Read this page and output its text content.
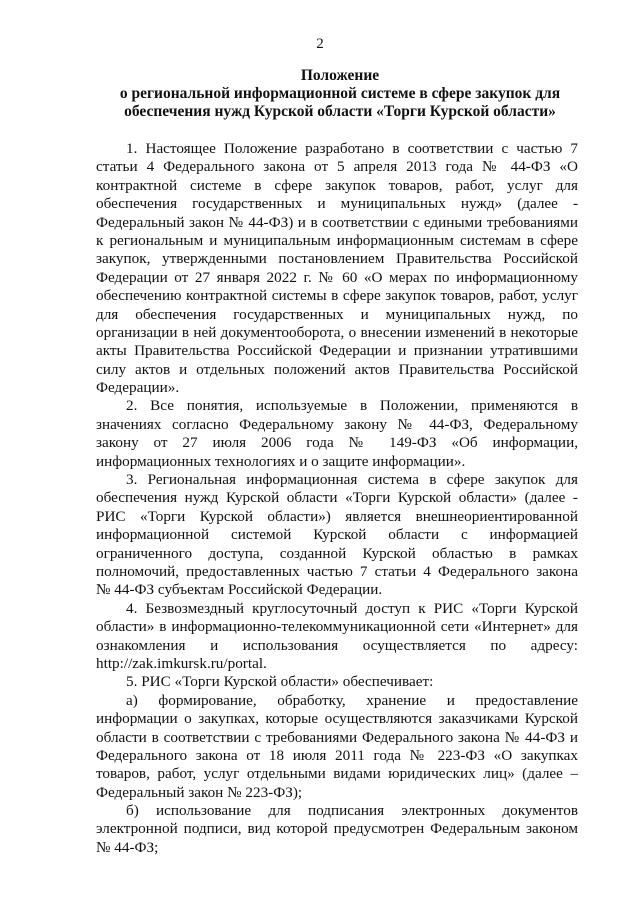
2
Положение
о региональной информационной системе в сфере закупок для
обеспечения нужд Курской области «Торги Курской области»
1. Настоящее Положение разработано в соответствии с частью 7
статьи 4 Федерального закона от 5 апреля 2013 года № 44-ФЗ «О
контрактной системе в сфере закупок товаров, работ, услуг для
обеспечения государственных и муниципальных нужд» (далее -
Федеральный закон № 44-ФЗ) и в соответствии с едиными требованиями
к региональным и муниципальным информационным системам в сфере
закупок, утвержденными постановлением Правительства Российской
Федерации от 27 января 2022 г. № 60 «О мерах по информационному
обеспечению контрактной системы в сфере закупок товаров, работ, услуг
для обеспечения государственных и муниципальных нужд, по
организации в ней документооборота, о внесении изменений в некоторые
акты Правительства Российской Федерации и признании утратившими
силу актов и отдельных положений актов Правительства Российской
Федерации».
2. Все понятия, используемые в Положении, применяются в
значениях согласно Федеральному закону № 44-ФЗ, Федеральному
закону от 27 июля 2006 года № 149-ФЗ «Об информации,
информационных технологиях и о защите информации».
3. Региональная информационная система в сфере закупок для
обеспечения нужд Курской области «Торги Курской области» (далее -
РИС «Торги Курской области») является внешнеориентированной
информационной системой Курской области с информацией
ограниченного доступа, созданной Курской областью в рамках
полномочий, предоставленных частью 7 статьи 4 Федерального закона
№ 44-ФЗ субъектам Российской Федерации.
4. Безвозмездный круглосуточный доступ к РИС «Торги Курской
области» в информационно-телекоммуникационной сети «Интернет» для
ознакомления и использования осуществляется по адресу:
http://zak.imkursk.ru/portal.
5. РИС «Торги Курской области» обеспечивает:
а) формирование, обработку, хранение и предоставление
информации о закупках, которые осуществляются заказчиками Курской
области в соответствии с требованиями Федерального закона № 44-ФЗ и
Федерального закона от 18 июля 2011 года № 223-ФЗ «О закупках
товаров, работ, услуг отдельными видами юридических лиц» (далее –
Федеральный закон № 223-ФЗ);
б) использование для подписания электронных документов
электронной подписи, вид которой предусмотрен Федеральным законом
№ 44-ФЗ;
